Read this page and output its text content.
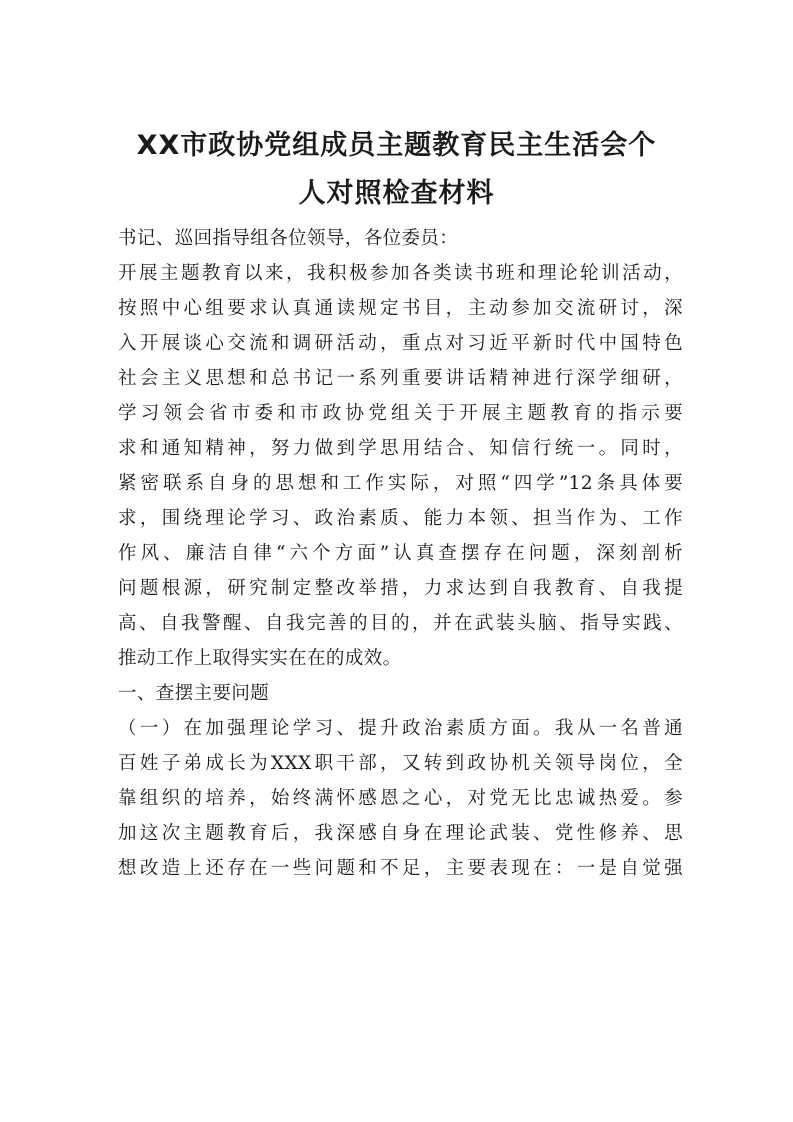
XX市政协党组成员主题教育民主生活会个
人对照检查材料
书记、巡回指导组各位领导，各位委员：
开展主题教育以来，我积极参加各类读书班和理论轮训活动，
按照中心组要求认真通读规定书目，主动参加交流研讨，深
入开展谈心交流和调研活动，重点对习近平新时代中国特色
社会主义思想和总书记一系列重要讲话精神进行深学细研，
学习领会省市委和市政协党组关于开展主题教育的指示要
求和通知精神，努力做到学思用结合、知信行统一。同时，
紧密联系自身的思想和工作实际，对照“四学”12条具体要
求，围绕理论学习、政治素质、能力本领、担当作为、工作
作风、廉洁自律“六个方面”认真查摆存在问题，深刻剖析
问题根源，研究制定整改举措，力求达到自我教育、自我提
高、自我警醒、自我完善的目的，并在武装头脑、指导实践、
推动工作上取得实实在在的成效。
一、查摆主要问题
（一）在加强理论学习、提升政治素质方面。我从一名普通
百姓子弟成长为XXX职干部，又转到政协机关领导岗位，全
靠组织的培养，始终满怀感恩之心，对党无比忠诚热爱。参
加这次主题教育后，我深感自身在理论武装、党性修养、思
想改造上还存在一些问题和不足，主要表现在：一是自觉强
